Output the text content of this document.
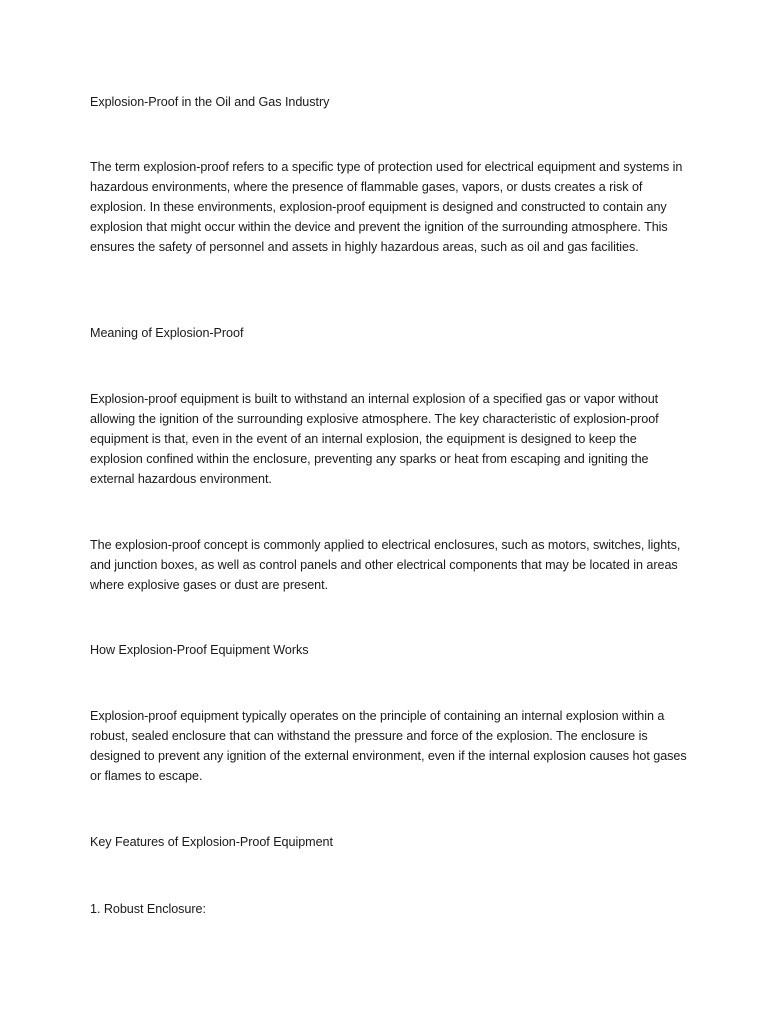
Explosion-Proof in the Oil and Gas Industry

The term explosion-proof refers to a specific type of protection used for electrical equipment and systems in hazardous environments, where the presence of flammable gases, vapors, or dusts creates a risk of explosion. In these environments, explosion-proof equipment is designed and constructed to contain any explosion that might occur within the device and prevent the ignition of the surrounding atmosphere. This ensures the safety of personnel and assets in highly hazardous areas, such as oil and gas facilities.

Meaning of Explosion-Proof

Explosion-proof equipment is built to withstand an internal explosion of a specified gas or vapor without allowing the ignition of the surrounding explosive atmosphere. The key characteristic of explosion-proof equipment is that, even in the event of an internal explosion, the equipment is designed to keep the explosion confined within the enclosure, preventing any sparks or heat from escaping and igniting the external hazardous environment.

The explosion-proof concept is commonly applied to electrical enclosures, such as motors, switches, lights, and junction boxes, as well as control panels and other electrical components that may be located in areas where explosive gases or dust are present.

How Explosion-Proof Equipment Works

Explosion-proof equipment typically operates on the principle of containing an internal explosion within a robust, sealed enclosure that can withstand the pressure and force of the explosion. The enclosure is designed to prevent any ignition of the external environment, even if the internal explosion causes hot gases or flames to escape.

Key Features of Explosion-Proof Equipment

1. Robust Enclosure:
